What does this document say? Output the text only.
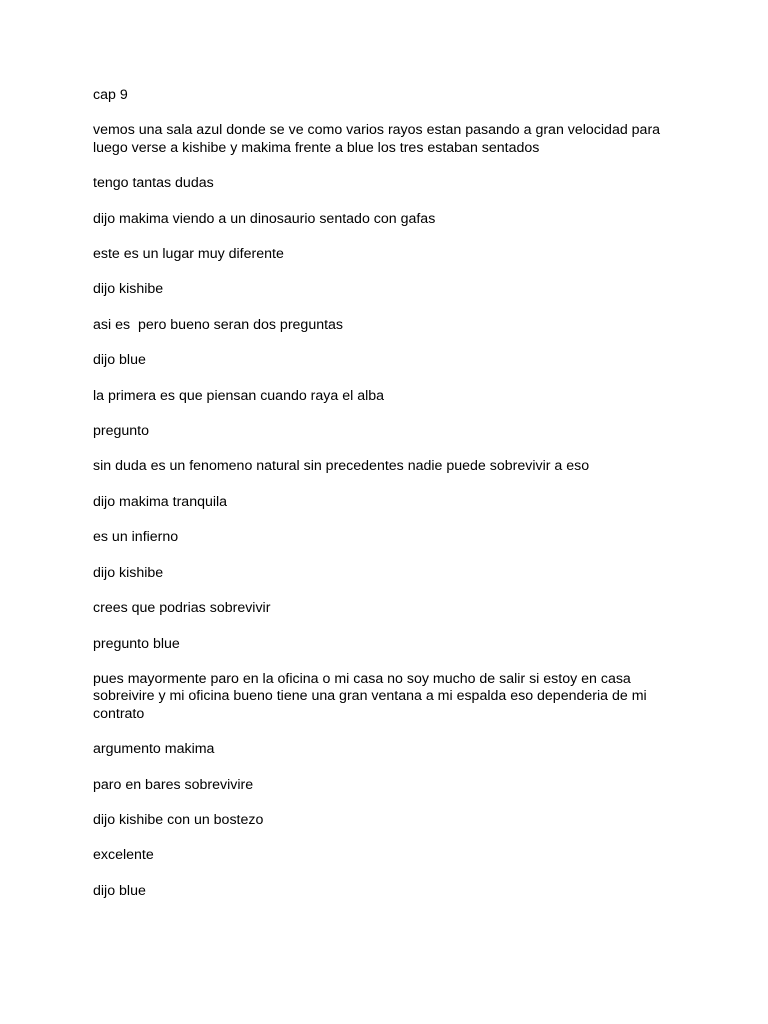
cap 9

vemos una sala azul donde se ve como varios rayos estan pasando a gran velocidad para luego verse a kishibe y makima frente a blue los tres estaban sentados

tengo tantas dudas

dijo makima viendo a un dinosaurio sentado con gafas

este es un lugar muy diferente

dijo kishibe

asi es  pero bueno seran dos preguntas

dijo blue

la primera es que piensan cuando raya el alba

pregunto

sin duda es un fenomeno natural sin precedentes nadie puede sobrevivir a eso

dijo makima tranquila

es un infierno

dijo kishibe

crees que podrias sobrevivir

pregunto blue

pues mayormente paro en la oficina o mi casa no soy mucho de salir si estoy en casa sobreivire y mi oficina bueno tiene una gran ventana a mi espalda eso dependeria de mi contrato

argumento makima

paro en bares sobrevivire

dijo kishibe con un bostezo

excelente

dijo blue
